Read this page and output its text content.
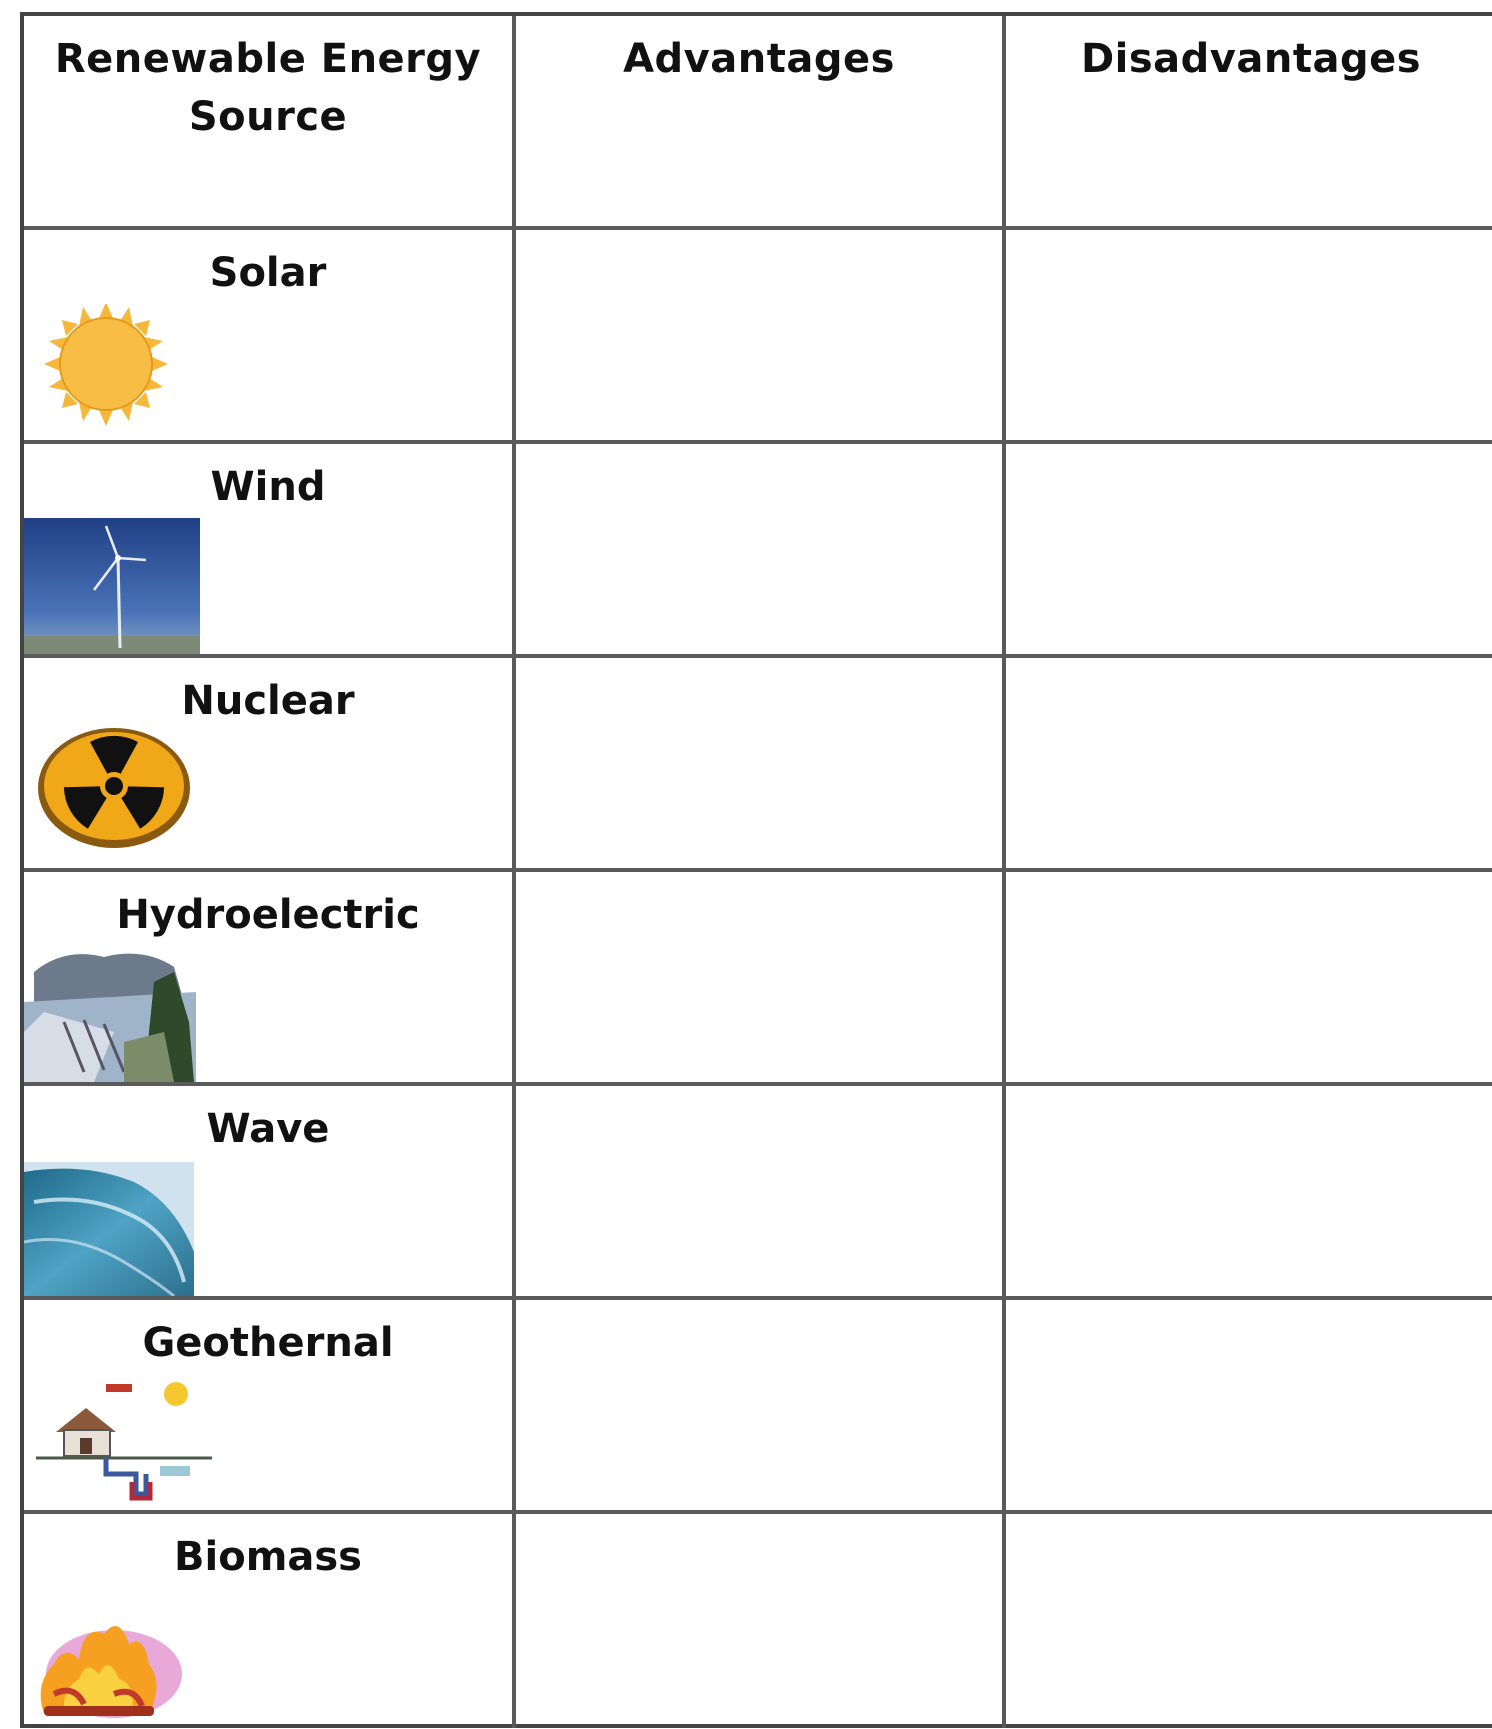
Renewable Energy Source
Advantages	Disadvantages
Solar
Wind
Nuclear
Hydroelectric
Wave
Geothernal
Biomass
